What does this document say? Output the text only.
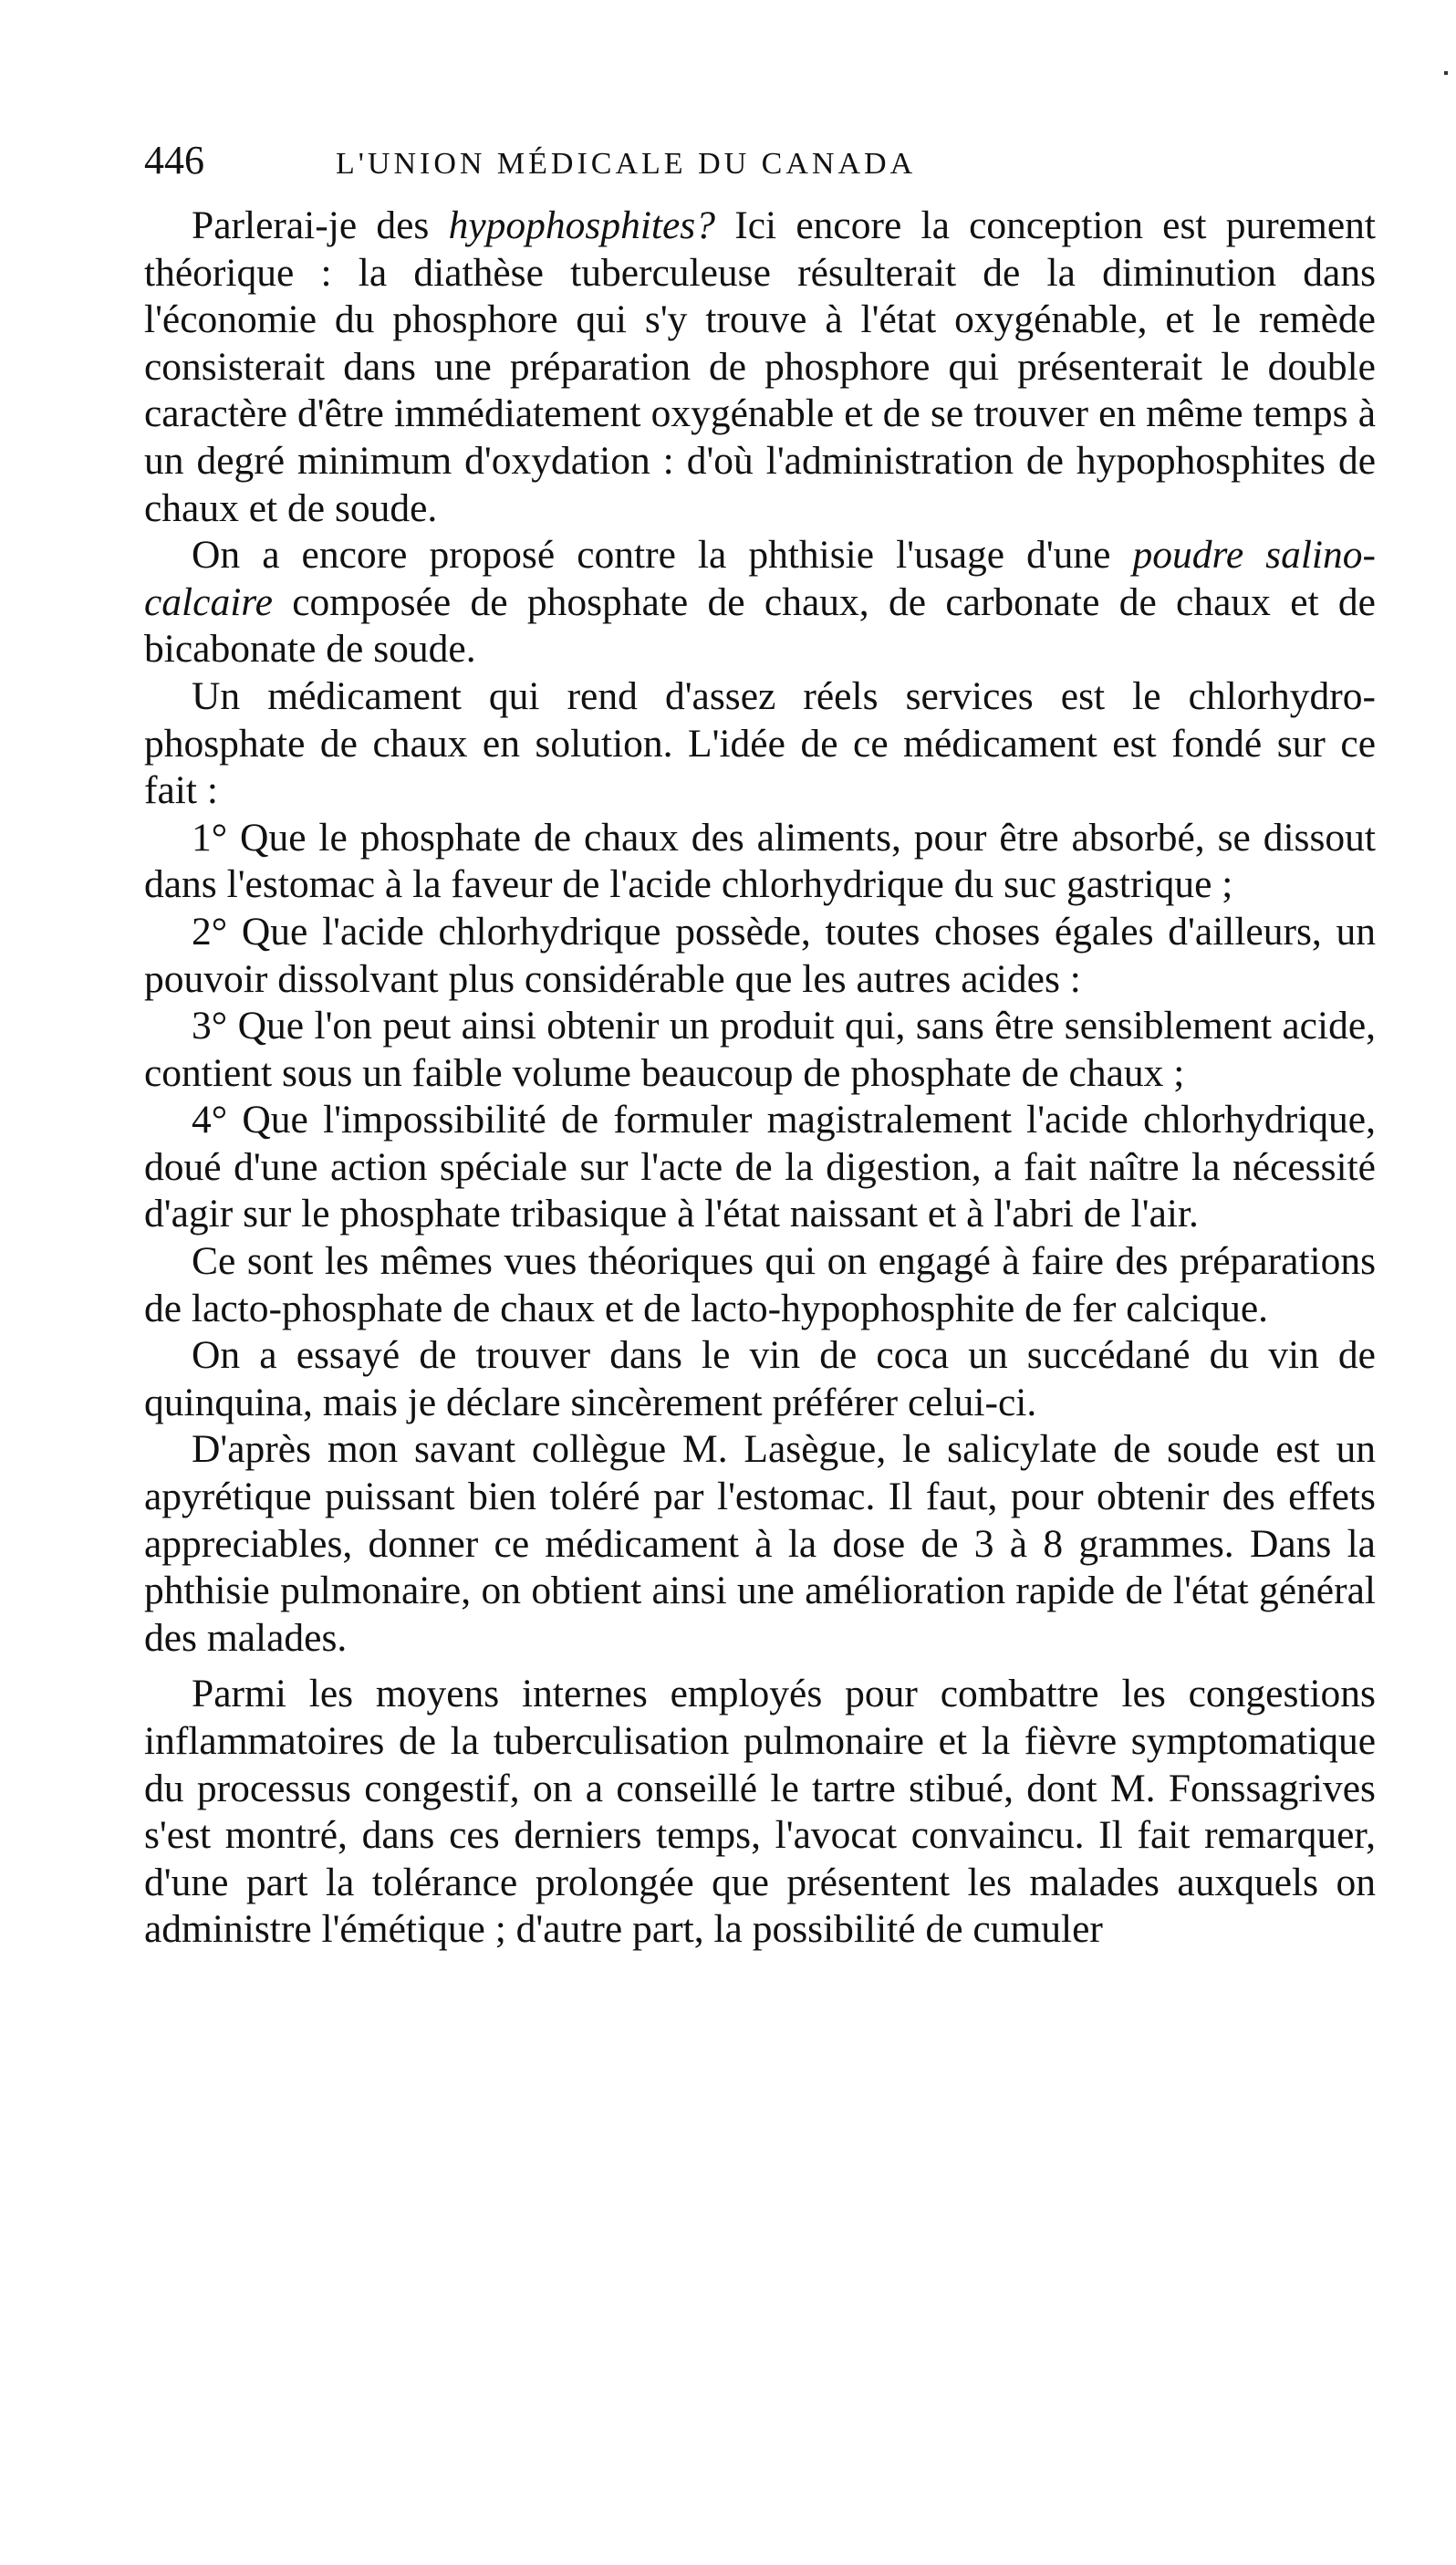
446	L'UNION MÉDICALE DU CANADA

Parlerai-je des hypophosphites? Ici encore la conception est purement théorique : la diathèse tuberculeuse résulterait de la diminution dans l'économie du phosphore qui s'y trouve à l'état oxygénable, et le remède consisterait dans une préparation de phosphore qui présenterait le double caractère d'être immédiatement oxygénable et de se trouver en même temps à un degré minimum d'oxydation : d'où l'administration de hypophosphites de chaux et de soude.

On a encore proposé contre la phthisie l'usage d'une poudre salino-calcaire composée de phosphate de chaux, de carbonate de chaux et de bicabonate de soude.

Un médicament qui rend d'assez réels services est le chlorhydro-phosphate de chaux en solution. L'idée de ce médicament est fondé sur ce fait :

1° Que le phosphate de chaux des aliments, pour être absorbé, se dissout dans l'estomac à la faveur de l'acide chlorhydrique du suc gastrique ;

2° Que l'acide chlorhydrique possède, toutes choses égales d'ailleurs, un pouvoir dissolvant plus considérable que les autres acides :

3° Que l'on peut ainsi obtenir un produit qui, sans être sensiblement acide, contient sous un faible volume beaucoup de phosphate de chaux ;

4° Que l'impossibilité de formuler magistralement l'acide chlorhydrique, doué d'une action spéciale sur l'acte de la digestion, a fait naître la nécessité d'agir sur le phosphate tribasique à l'état naissant et à l'abri de l'air.

Ce sont les mêmes vues théoriques qui on engagé à faire des préparations de lacto-phosphate de chaux et de lacto-hypophosphite de fer calcique.

On a essayé de trouver dans le vin de coca un succédané du vin de quinquina, mais je déclare sincèrement préférer celui-ci.

D'après mon savant collègue M. Lasègue, le salicylate de soude est un apyrétique puissant bien toléré par l'estomac. Il faut, pour obtenir des effets appreciables, donner ce médicament à la dose de 3 à 8 grammes. Dans la phthisie pulmonaire, on obtient ainsi une amélioration rapide de l'état général des malades.

Parmi les moyens internes employés pour combattre les congestions inflammatoires de la tuberculisation pulmonaire et la fièvre symptomatique du processus congestif, on a conseillé le tartre stibué, dont M. Fonssagrives s'est montré, dans ces derniers temps, l'avocat convaincu. Il fait remarquer, d'une part la tolérance prolongée que présentent les malades auxquels on administre l'émétique ; d'autre part, la possibilité de cumuler
